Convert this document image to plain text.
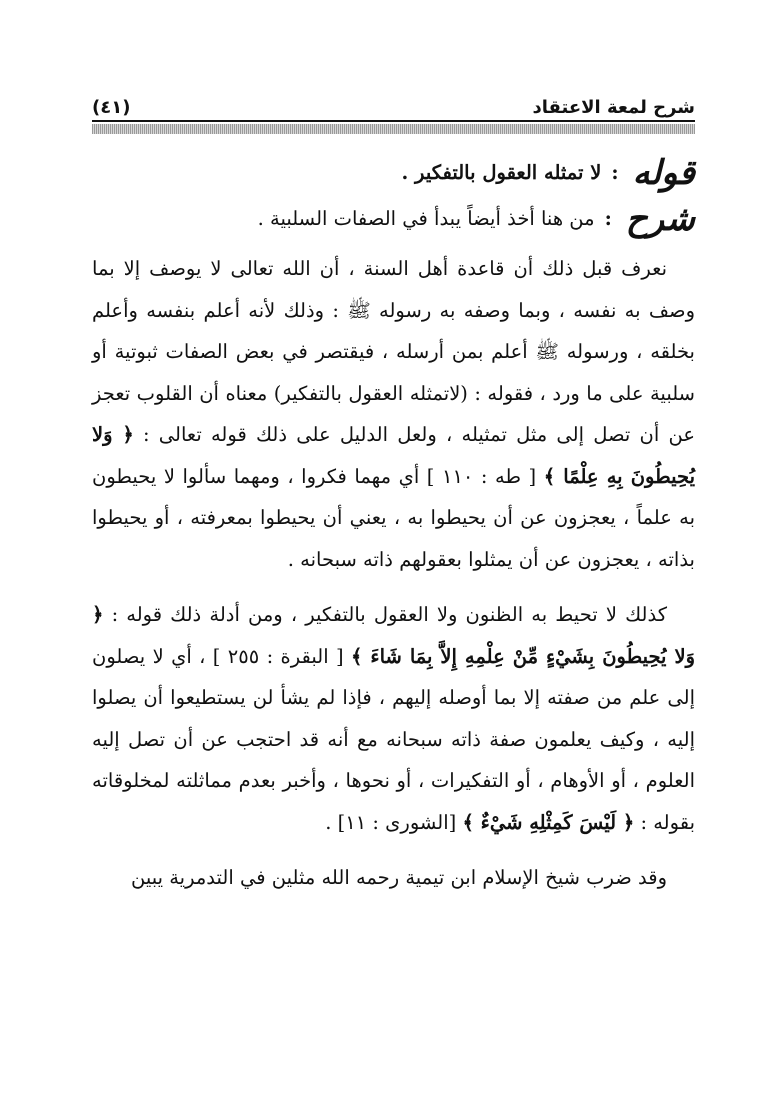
(٤١)	شرح لمعة الاعتقاد
قوله
:
لا تمثله العقول بالتفكير .
شرح
:
من هنا أخذ أيضاً يبدأ في الصفات السلبية .

نعرف قبل ذلك أن قاعدة أهل السنة ، أن الله تعالى لا يوصف إلا بما وصف به نفسه ، وبما وصفه به رسوله ﷺ : وذلك لأنه أعلم بنفسه وأعلم بخلقه ، ورسوله ﷺ أعلم بمن أرسله ، فيقتصر في بعض الصفات ثبوتية أو سلبية على ما ورد ، فقوله : (لاتمثله العقول بالتفكير) معناه أن القلوب تعجز عن أن تصل إلى مثل تمثيله ، ولعل الدليل على ذلك قوله تعالى : ﴿ وَلا يُحِيطُونَ بِهِ عِلْمًا ﴾ [ طه : ١١٠ ] أي مهما فكروا ، ومهما سألوا لا يحيطون به علماً ، يعجزون عن أن يحيطوا به ، يعني أن يحيطوا بمعرفته ، أو يحيطوا بذاته ، يعجزون عن أن يمثلوا بعقولهم ذاته سبحانه .

كذلك لا تحيط به الظنون ولا العقول بالتفكير ، ومن أدلة ذلك قوله : ﴿ وَلا يُحِيطُونَ بِشَيْءٍ مِّنْ عِلْمِهِ إِلاَّ بِمَا شَاءَ ﴾ [ البقرة : ٢٥٥ ] ، أي لا يصلون إلى علم من صفته إلا بما أوصله إليهم ، فإذا لم يشأ لن يستطيعوا أن يصلوا إليه ، وكيف يعلمون صفة ذاته سبحانه مع أنه قد احتجب عن أن تصل إليه العلوم ، أو الأوهام ، أو التفكيرات ، أو نحوها ، وأخبر بعدم مماثلته لمخلوقاته بقوله : ﴿ لَيْسَ كَمِثْلِهِ شَيْءٌ ﴾ [الشورى : ١١] .

وقد ضرب شيخ الإسلام ابن تيمية رحمه الله مثلين في التدمرية يبين
